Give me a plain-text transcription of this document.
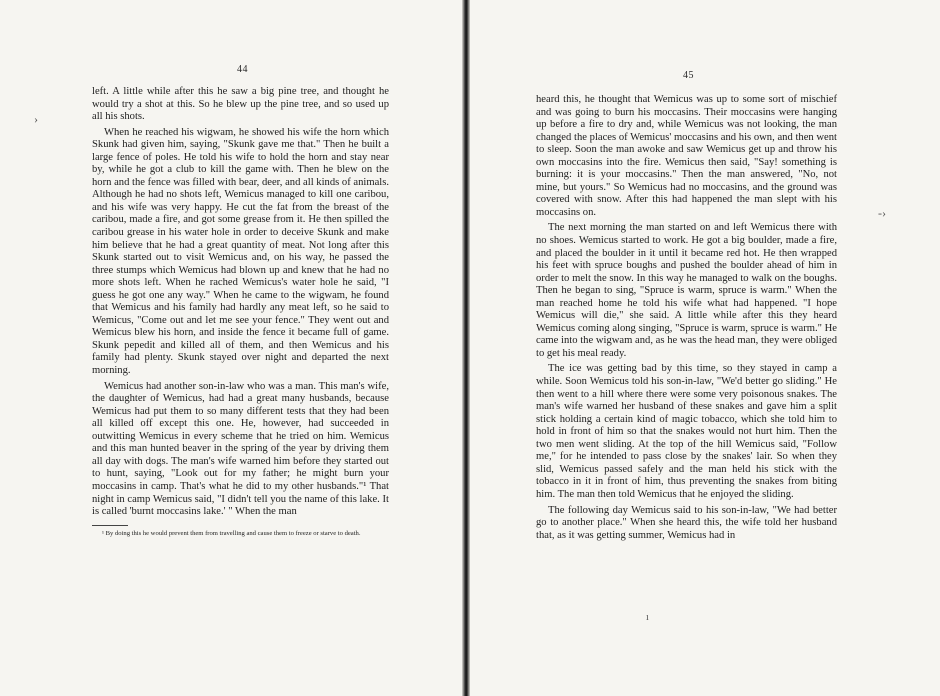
44

left. A little while after this he saw a big pine tree, and thought he would try a shot at this. So he blew up the pine tree, and so used up all his shots.

When he reached his wigwam, he showed his wife the horn which Skunk had given him, saying, "Skunk gave me that." Then he built a large fence of poles. He told his wife to hold the horn and stay near by, while he got a club to kill the game with. Then he blew on the horn and the fence was filled with bear, deer, and all kinds of animals. Although he had no shots left, Wemicus managed to kill one caribou, and his wife was very happy. He cut the fat from the breast of the caribou, made a fire, and got some grease from it. He then spilled the caribou grease in his water hole in order to deceive Skunk and make him believe that he had a great quantity of meat. Not long after this Skunk started out to visit Wemicus and, on his way, he passed the three stumps which Wemicus had blown up and knew that he had no more shots left. When he rached Wemicus's water hole he said, "I guess he got one any way." When he came to the wigwam, he found that Wemicus and his family had hardly any meat left, so he said to Wemicus, "Come out and let me see your fence." They went out and Wemicus blew his horn, and inside the fence it became full of game. Skunk pepedit and killed all of them, and then Wemicus and his family had plenty. Skunk stayed over night and departed the next morning.

Wemicus had another son-in-law who was a man. This man's wife, the daughter of Wemicus, had had a great many husbands, because Wemicus had put them to so many different tests that they had been all killed off except this one. He, however, had succeeded in outwitting Wemicus in every scheme that he tried on him. Wemicus and this man hunted beaver in the spring of the year by driving them all day with dogs. The man's wife warned him before they started out to hunt, saying, "Look out for my father; he might burn your moccasins in camp. That's what he did to my other husbands."¹ That night in camp Wemicus said, "I didn't tell you the name of this lake. It is called 'burnt moccasins lake.' " When the man

¹ By doing this he would prevent them from travelling and cause them to freeze or starve to death.
›
45

heard this, he thought that Wemicus was up to some sort of mischief and was going to burn his moccasins. Their moccasins were hanging up before a fire to dry and, while Wemicus was not looking, the man changed the places of Wemicus' moccasins and his own, and then went to sleep. Soon the man awoke and saw Wemicus get up and throw his own moccasins into the fire. Wemicus then said, "Say! something is burning: it is your moccasins." Then the man answered, "No, not mine, but yours." So Wemicus had no moccasins, and the ground was covered with snow. After this had happened the man slept with his moccasins on.

The next morning the man started on and left Wemicus there with no shoes. Wemicus started to work. He got a big boulder, made a fire, and placed the boulder in it until it became red hot. He then wrapped his feet with spruce boughs and pushed the boulder ahead of him in order to melt the snow. In this way he managed to walk on the boughs. Then he began to sing, "Spruce is warm, spruce is warm." When the man reached home he told his wife what had happened. "I hope Wemicus will die," she said. A little while after this they heard Wemicus coming along singing, "Spruce is warm, spruce is warm." He came into the wigwam and, as he was the head man, they were obliged to get his meal ready.

The ice was getting bad by this time, so they stayed in camp a while. Soon Wemicus told his son-in-law, "We'd better go sliding." He then went to a hill where there were some very poisonous snakes. The man's wife warned her husband of these snakes and gave him a split stick holding a certain kind of magic tobacco, which she told him to hold in front of him so that the snakes would not hurt him. Then the two men went sliding. At the top of the hill Wemicus said, "Follow me," for he intended to pass close by the snakes' lair. So when they slid, Wemicus passed safely and the man held his stick with the tobacco in it in front of him, thus preventing the snakes from biting him. The man then told Wemicus that he enjoyed the sliding.

The following day Wemicus said to his son-in-law, "We had better go to another place." When she heard this, the wife told her husband that, as it was getting summer, Wemicus had in

-›
ı
